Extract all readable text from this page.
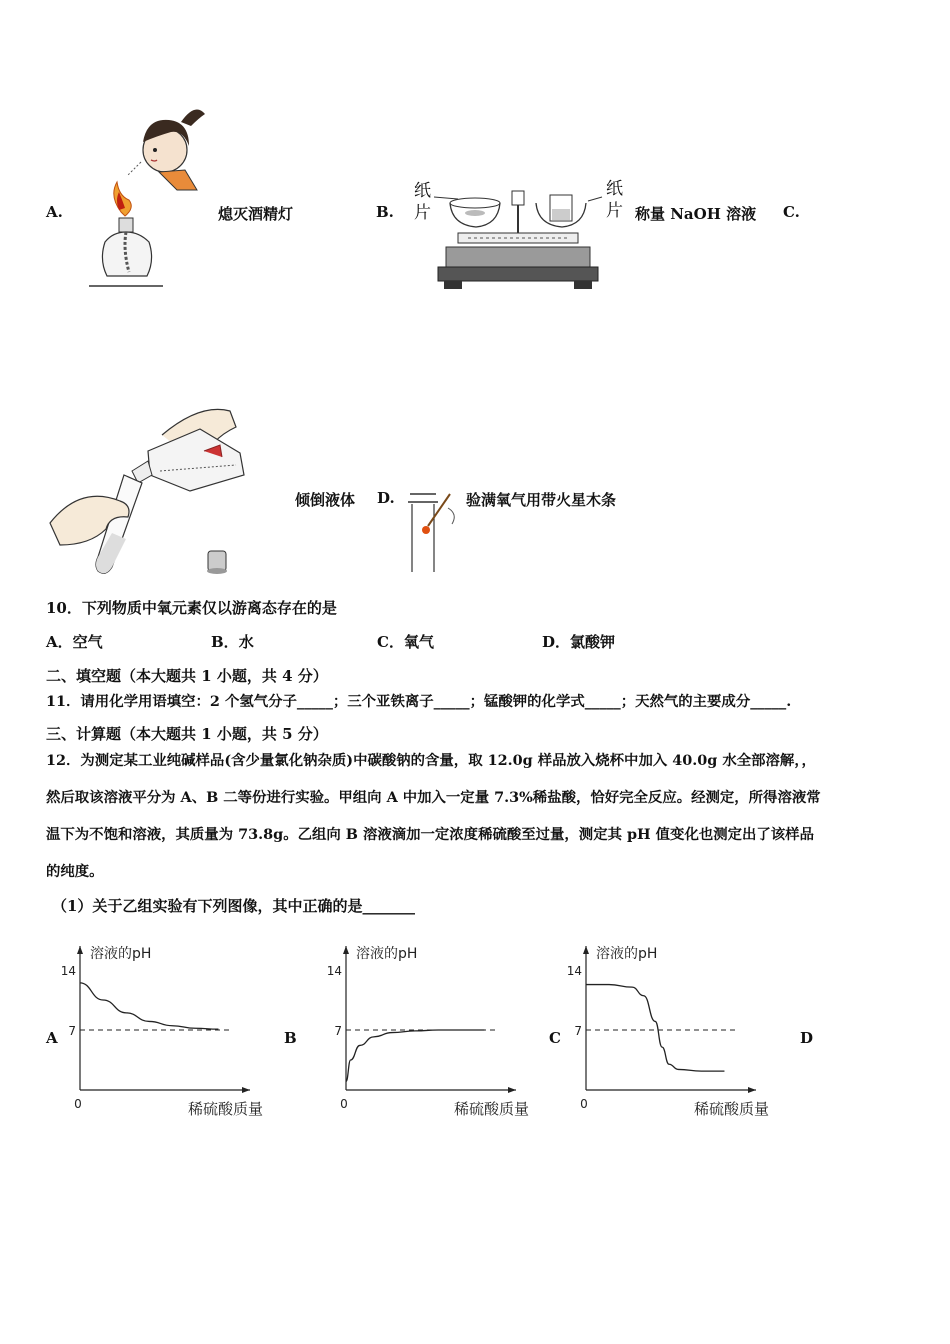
A.	熄灭酒精灯	B.
纸片
纸片 称量 NaOH 溶液 C.
倾倒液体 D.	验满氧气用带火星木条
10．下列物质中氧元素仅以游离态存在的是
A．空气	B．水	C．氧气	D．氯酸钾
二、填空题（本大题共 1 小题，共 4 分）
11．请用化学用语填空：2 个氢气分子_____；三个亚铁离子_____；锰酸钾的化学式_____；天然气的主要成分_____.
三、计算题（本大题共 1 小题，共 5 分）
12．为测定某工业纯碱样品(含少量氯化钠杂质)中碳酸钠的含量，取 12.0g 样品放入烧杯中加入 40.0g 水全部溶解，，
然后取该溶液平分为 A、B 二等份进行实验。甲组向 A 中加入一定量 7.3%稀盐酸，恰好完全反应。经测定，所得溶液常
温下为不饱和溶液，其质量为 73.8g。乙组向 B 溶液滴加一定浓度稀硫酸至过量，测定其 pH 值变化也测定出了该样品
的纯度。
（1）关于乙组实验有下列图像，其中正确的是_______
A
溶液的pH
14
7
0	稀硫酸质量
B
溶液的pH
14
7
0	稀硫酸质量
C
溶液的pH
14
7
0	稀硫酸质量
D
